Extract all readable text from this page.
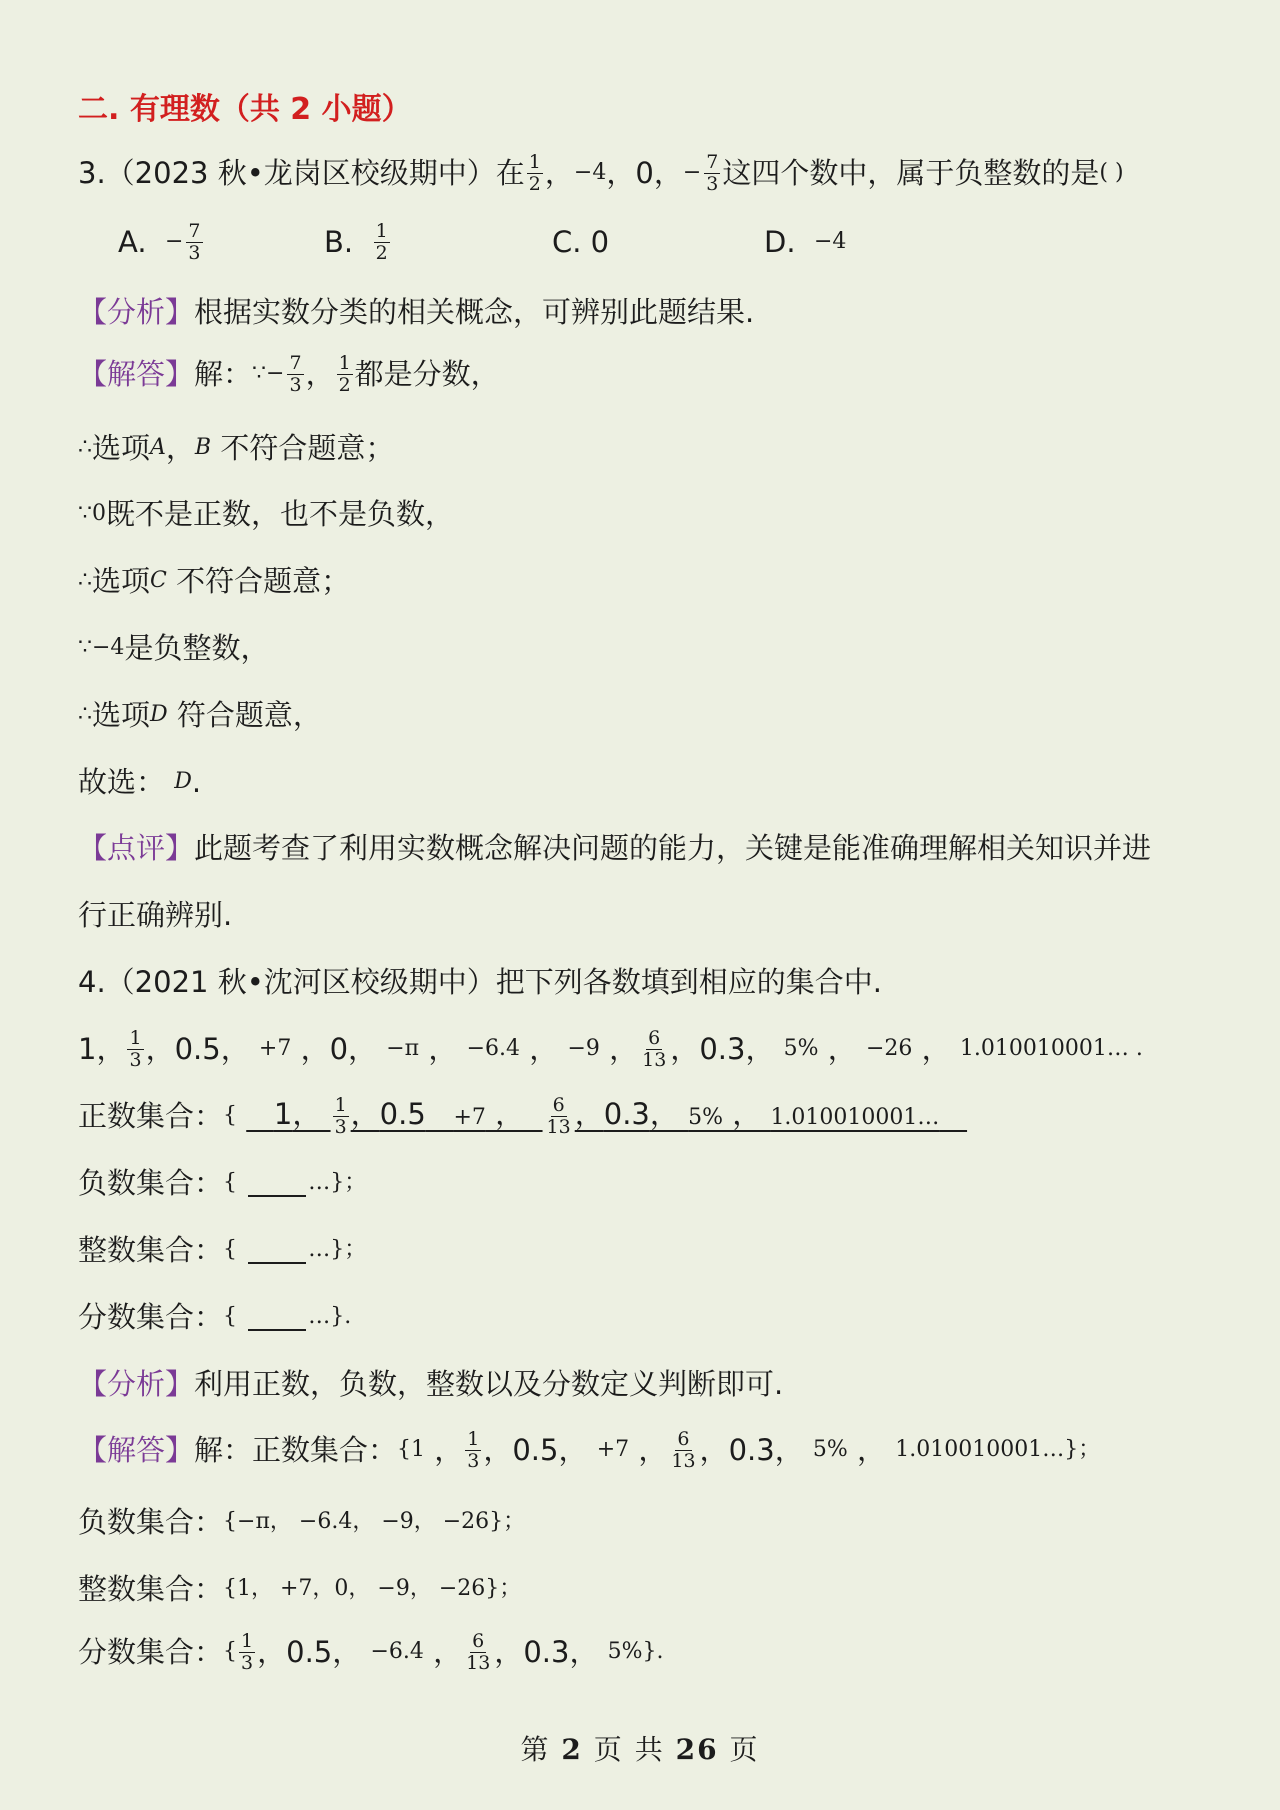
二. 有理数（共 2 小题）
3.（2023 秋•龙岗区校级期中）在 $\frac{1}{2}$ ， −4 ， 0 ， − $\frac{7}{3}$ 这四个数中，属于负整数的是 ( )
A.
− $\frac{7}{3}$	B.
$\frac{1}{2}$	C. 0	D.
−4
【分析】 根据实数分类的相关概念，可辨别此题结果.
【解答】 解： ∵ − $\frac{7}{3}$ ， $\frac{1}{2}$ 都是分数，
∴ 选项 A ， B
不符合题意；
∵ 0 既不是正数，也不是负数，
∴ 选项 C
不符合题意；
∵ −4 是负整数，
∴ 选项 D
符合题意，
故选：
D .
【点评】 此题考查了利用实数概念解决问题的能力，关键是能准确理解相关知识并进
行正确辨别.
4.（2021 秋•沈河区校级期中）把下列各数填到相应的集合中.
1 ， $\frac{1}{3}$ ， 0.5 ， +7 ， 0 ， −π ， −6.4 ， −9 ， $\frac{6}{13}$ ， 0.3 ， 5% ， −26 ， 1.010010001… .
正数集合： {
	1， $\frac{1}{3}$ ，0.5 +7 ， $\frac{6}{13}$ ，0.3， 5% ， 1.010010001…
负数集合： {
	…}；
整数集合： {
	…}；
分数集合： {
	…}.
【分析】 利用正数，负数，整数以及分数定义判断即可.
【解答】 解：正数集合： { 1 ， $\frac{1}{3}$ ， 0.5 ， +7 ， $\frac{6}{13}$ ， 0.3 ， 5% ， 1.010010001…}；
负数集合： {−π， −6.4， −9， −26}；
整数集合： {1， +7，0， −9， −26}；
分数集合： { $\frac{1}{3}$ ， 0.5 ， −6.4 ， $\frac{6}{13}$ ， 0.3 ， 5%}.
第 2 页 共 26 页
